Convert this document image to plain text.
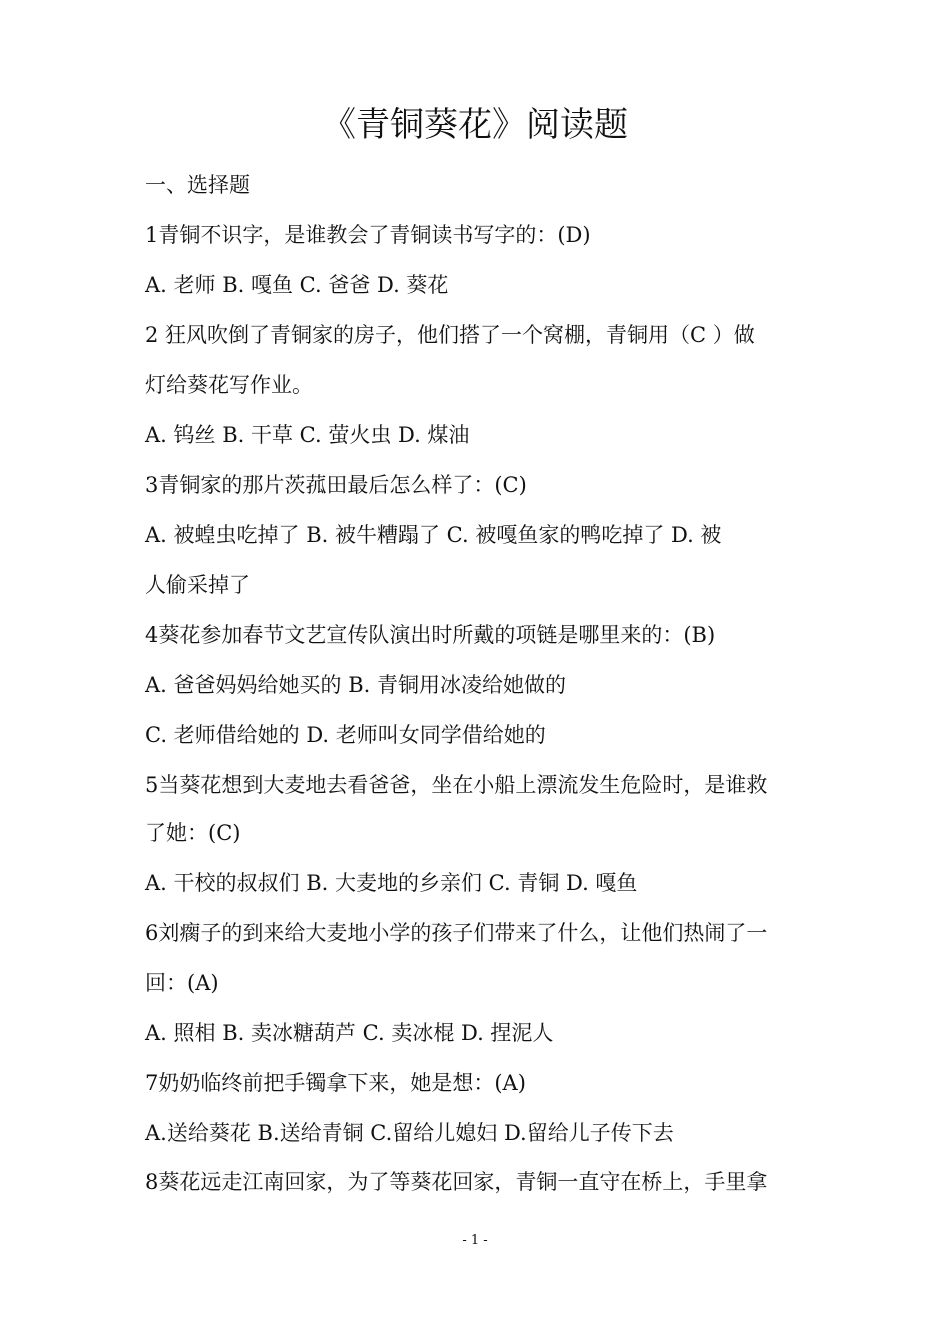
《青铜葵花》阅读题
一、选择题
1青铜不识字，是谁教会了青铜读书写字的：(D)
A. 老师 B. 嘎鱼 C. 爸爸 D. 葵花
2 狂风吹倒了青铜家的房子，他们搭了一个窝棚，青铜用（C ）做
灯给葵花写作业。
A. 钨丝 B. 干草 C. 萤火虫 D. 煤油
3青铜家的那片茨菰田最后怎么样了：(C)
A. 被蝗虫吃掉了 B. 被牛糟蹋了 C. 被嘎鱼家的鸭吃掉了 D. 被
人偷采掉了
4葵花参加春节文艺宣传队演出时所戴的项链是哪里来的：(B)
A. 爸爸妈妈给她买的 B. 青铜用冰凌给她做的
C. 老师借给她的 D. 老师叫女同学借给她的
5当葵花想到大麦地去看爸爸，坐在小船上漂流发生危险时，是谁救
了她：(C)
A. 干校的叔叔们 B. 大麦地的乡亲们 C. 青铜 D. 嘎鱼
6刘瘸子的到来给大麦地小学的孩子们带来了什么，让他们热闹了一
回：(A)
A. 照相 B. 卖冰糖葫芦 C. 卖冰棍 D. 捏泥人
7奶奶临终前把手镯拿下来，她是想：(A)
A.送给葵花 B.送给青铜 C.留给儿媳妇 D.留给儿子传下去
8葵花远走江南回家，为了等葵花回家，青铜一直守在桥上，手里拿
- 1 -
